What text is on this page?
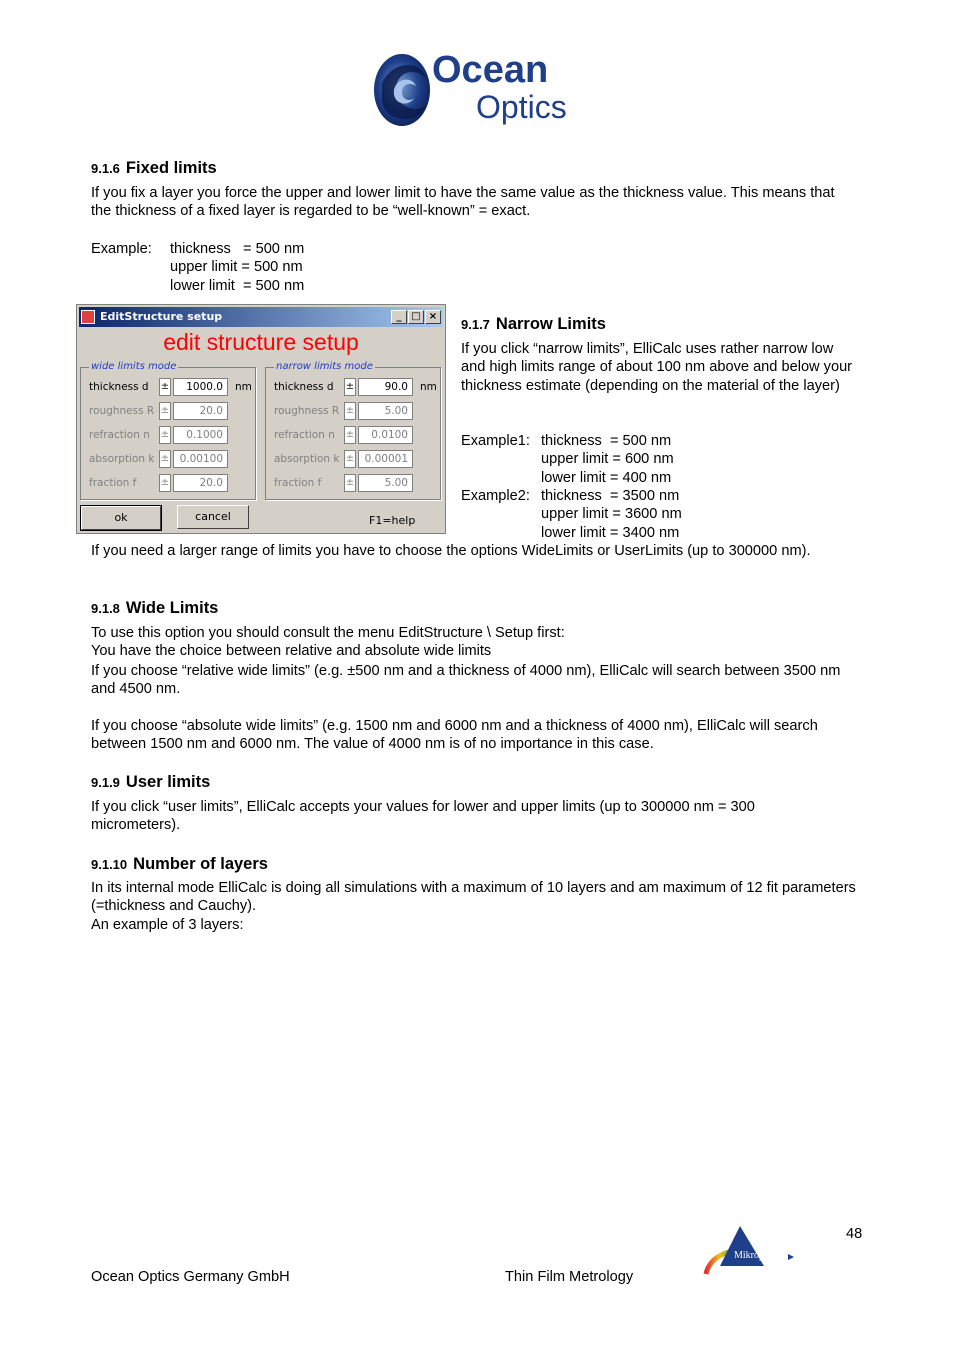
Ocean
Optics
9.1.6 Fixed limits

If you fix a layer you force the upper and lower limit to have the same value as the thickness value. This means that the thickness of a fixed layer is regarded to be “well-known” = exact.

Example: thickness   = 500 nm
upper limit = 500 nm
lower limit  = 500 nm
EditStructure setup	_ □ ×
edit structure setup
wide limits mode
thickness d ±	1000.0	nm
roughness R ±	20.0
refraction n ±	0.1000
absorption k ± 0.00100
fraction f ±	20.0
narrow limits mode
thickness d ±	90.0	nm
roughness R ±	5.00
refraction n ±	0.0100
absorption k ± 0.00001
fraction f ±	5.00
ok	cancel	F1=help
9.1.7 Narrow Limits

If you click “narrow limits”, ElliCalc uses rather narrow low and high limits range of about 100 nm above and below your thickness estimate (depending on the material of the layer)

Example1: thickness  = 500 nm
upper limit = 600 nm
lower limit = 400 nm
Example2: thickness  = 3500 nm
upper limit = 3600 nm
lower limit = 3400 nm

If you need a larger range of limits you have to choose the options WideLimits or UserLimits (up to 300000 nm).

9.1.8 Wide Limits

To use this option you should consult the menu EditStructure \ Setup first:

You have the choice between relative and absolute wide limits

If you choose “relative wide limits” (e.g. ±500 nm and a thickness of 4000 nm), ElliCalc will search between 3500 nm and 4500 nm.

If you choose “absolute wide limits” (e.g. 1500 nm and 6000 nm and a thickness of 4000 nm), ElliCalc will search between 1500 nm and 6000 nm. The value of 4000 nm is of no importance in this case.

9.1.9 User limits

If you click “user limits”, ElliCalc accepts your values for lower and upper limits (up to 300000 nm = 300 micrometers).

9.1.10 Number of layers

In its internal mode ElliCalc is doing all simulations with a maximum of 10 layers and am maximum of 12 fit parameters (=thickness and Cauchy).

An example of 3 layers:

48
Ocean Optics Germany GmbH	Thin Film Metrology
Mikropack
